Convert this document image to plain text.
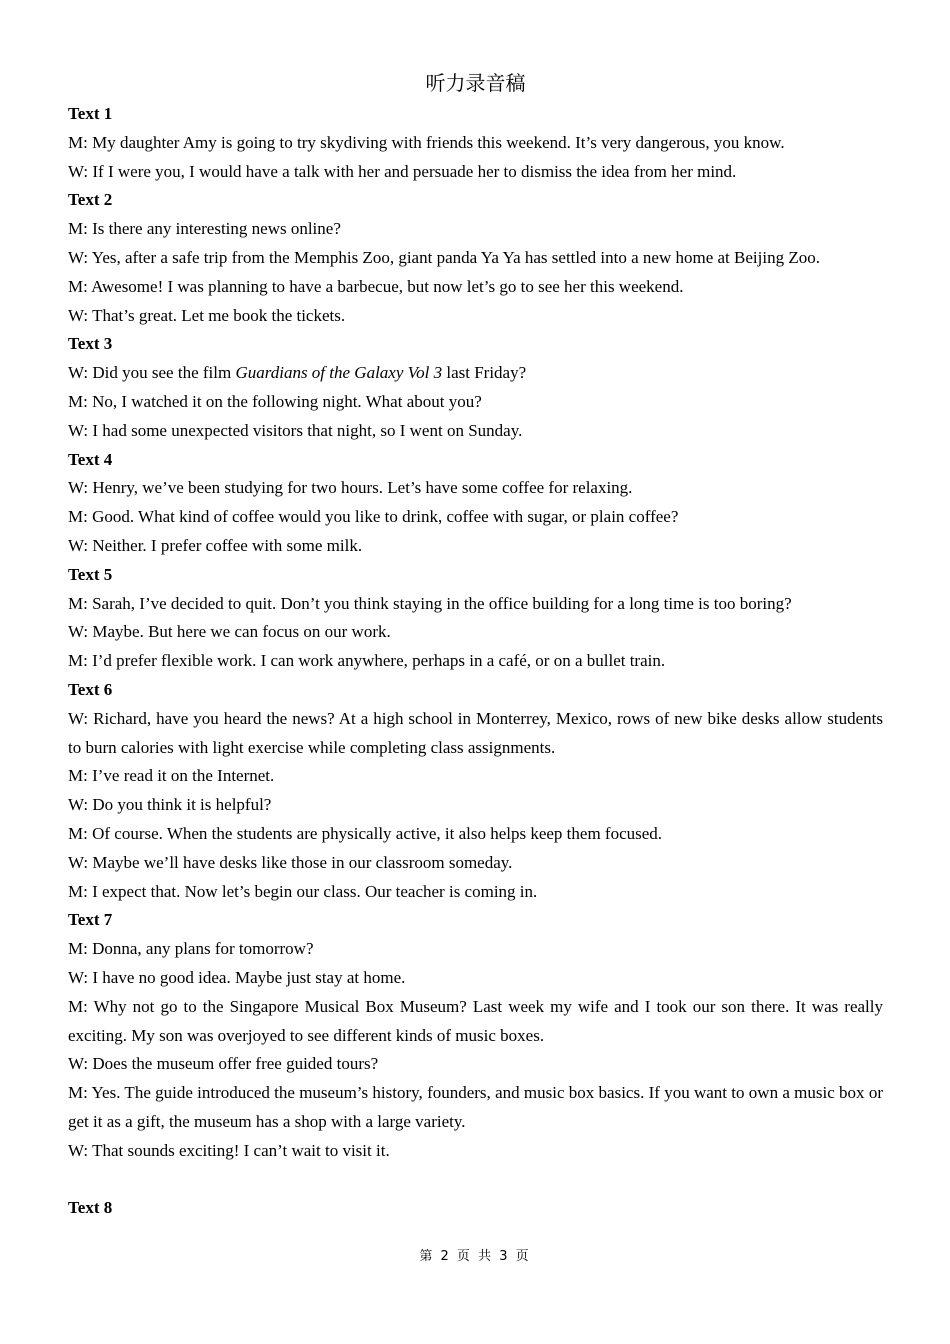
听力录音稿

Text 1

M: My daughter Amy is going to try skydiving with friends this weekend. It’s very dangerous, you know.

W: If I were you, I would have a talk with her and persuade her to dismiss the idea from her mind.

Text 2

M: Is there any interesting news online?

W: Yes, after a safe trip from the Memphis Zoo, giant panda Ya Ya has settled into a new home at Beijing Zoo.

M: Awesome! I was planning to have a barbecue, but now let’s go to see her this weekend.

W: That’s great. Let me book the tickets.

Text 3

W: Did you see the film Guardians of the Galaxy Vol 3 last Friday?

M: No, I watched it on the following night. What about you?

W: I had some unexpected visitors that night, so I went on Sunday.

Text 4

W: Henry, we’ve been studying for two hours. Let’s have some coffee for relaxing.

M: Good. What kind of coffee would you like to drink, coffee with sugar, or plain coffee?

W: Neither. I prefer coffee with some milk.

Text 5

M: Sarah, I’ve decided to quit. Don’t you think staying in the office building for a long time is too boring?

W: Maybe. But here we can focus on our work.

M: I’d prefer flexible work. I can work anywhere, perhaps in a café, or on a bullet train.

Text 6

W: Richard, have you heard the news? At a high school in Monterrey, Mexico, rows of new bike desks allow students to burn calories with light exercise while completing class assignments.

M: I’ve read it on the Internet.

W: Do you think it is helpful?

M: Of course. When the students are physically active, it also helps keep them focused.

W: Maybe we’ll have desks like those in our classroom someday.

M: I expect that. Now let’s begin our class. Our teacher is coming in.

Text 7

M: Donna, any plans for tomorrow?

W: I have no good idea. Maybe just stay at home.

M: Why not go to the Singapore Musical Box Museum? Last week my wife and I took our son there. It was really exciting. My son was overjoyed to see different kinds of music boxes.

W: Does the museum offer free guided tours?

M: Yes. The guide introduced the museum’s history, founders, and music box basics. If you want to own a music box or get it as a gift, the museum has a shop with a large variety.

W: That sounds exciting! I can’t wait to visit it.

Text 8

第 2 页 共 3 页
